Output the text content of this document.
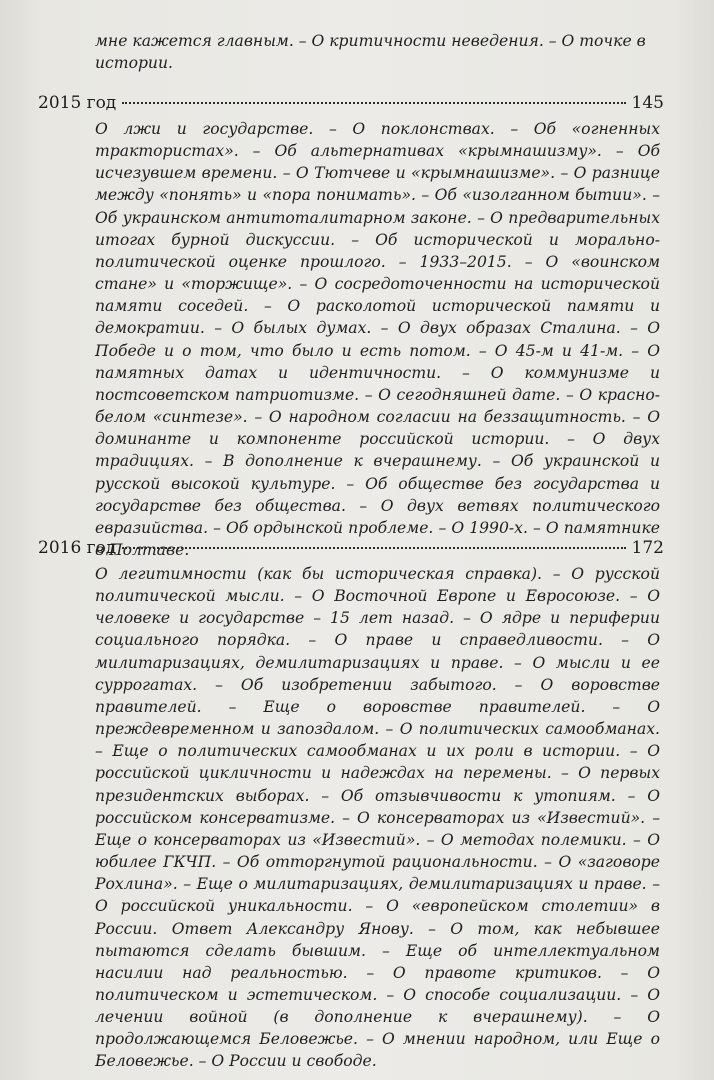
мне кажется главным. – О критичности неведения. – О точке в истории.

2015 год	145

О лжи и государстве. – О поклонствах. – Об «огненных трактористах». – Об альтернативах «крымнашизму». – Об исчезувшем времени. – О Тютчеве и «крымнашизме». – О разнице между «понять» и «пора понимать». – Об «изолганном бытии». – Об украинском антитоталитарном законе. – О предварительных итогах бурной дискуссии. – Об исторической и морально-политической оценке прошлого. – 1933–2015. – О «воинском стане» и «торжище». – О сосредоточенности на исторической памяти соседей. – О расколотой исторической памяти и демократии. – О былых думах. – О двух образах Сталина. – О Победе и о том, что было и есть потом. – О 45-м и 41-м. – О памятных датах и идентичности. – О коммунизме и постсоветском патриотизме. – О сегодняшней дате. – О красно-белом «синтезе». – О народном согласии на беззащитность. – О доминанте и компоненте российской истории. – О двух традициях. – В дополнение к вчерашнему. – Об украинской и русской высокой культуре. – Об обществе без государства и государстве без общества. – О двух ветвях политического евразийства. – Об ордынской проблеме. – О 1990-х. – О памятнике в Полтаве.

2016 год	172

О легитимности (как бы историческая справка). – О русской политической мысли. – О Восточной Европе и Евросоюзе. – О человеке и государстве – 15 лет назад. – О ядре и периферии социального порядка. – О праве и справедливости. – О милитаризациях, демилитаризациях и праве. – О мысли и ее суррогатах. – Об изобретении забытого. – О воровстве правителей. – Еще о воровстве правителей. – О преждевременном и запоздалом. – О политических самообманах. – Еще о политических самообманах и их роли в истории. – О российской цикличности и надеждах на перемены. – О первых президентских выборах. – Об отзывчивости к утопиям. – О российском консерватизме. – О консерваторах из «Известий». – Еще о консерваторах из «Известий». – О методах полемики. – О юбилее ГКЧП. – Об отторгнутой рациональности. – О «заговоре Рохлина». – Еще о милитаризациях, демилитаризациях и праве. – О российской уникальности. – О «европейском столетии» в России. Ответ Александру Янову. – О том, как небывшее пытаются сделать бывшим. – Еще об интеллектуальном насилии над реальностью. – О правоте критиков. – О политическом и эстетическом. – О способе социализации. – О лечении войной (в дополнение к вчерашнему). – О продолжающемся Беловежье. – О мнении народном, или Еще о Беловежье. – О России и свободе.
